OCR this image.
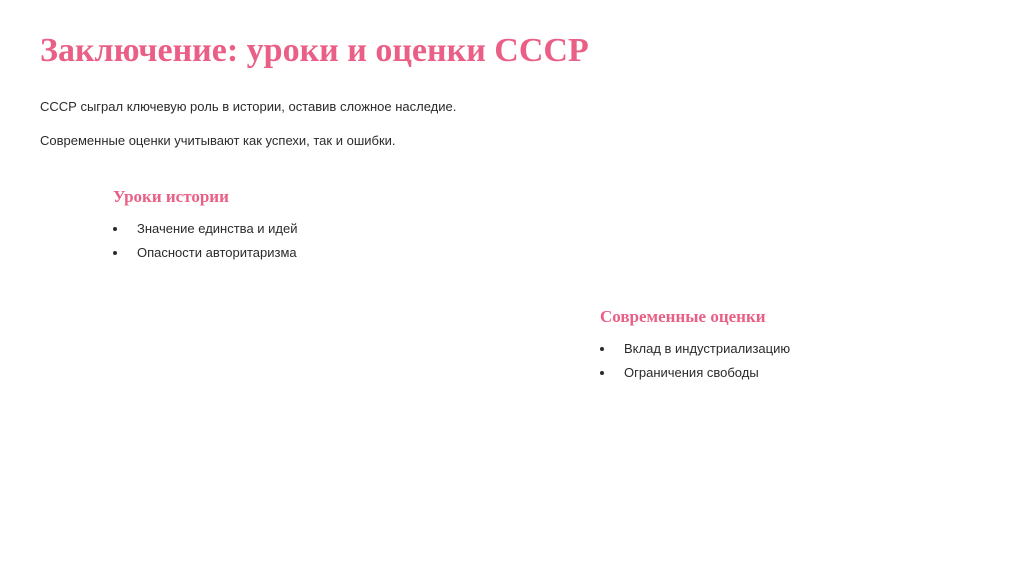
Заключение: уроки и оценки СССР

СССР сыграл ключевую роль в истории, оставив сложное наследие.

Современные оценки учитывают как успехи, так и ошибки.

Уроки истории
Значение единства и идей
Опасности авторитаризма
Современные оценки
Вклад в индустриализацию
Ограничения свободы
